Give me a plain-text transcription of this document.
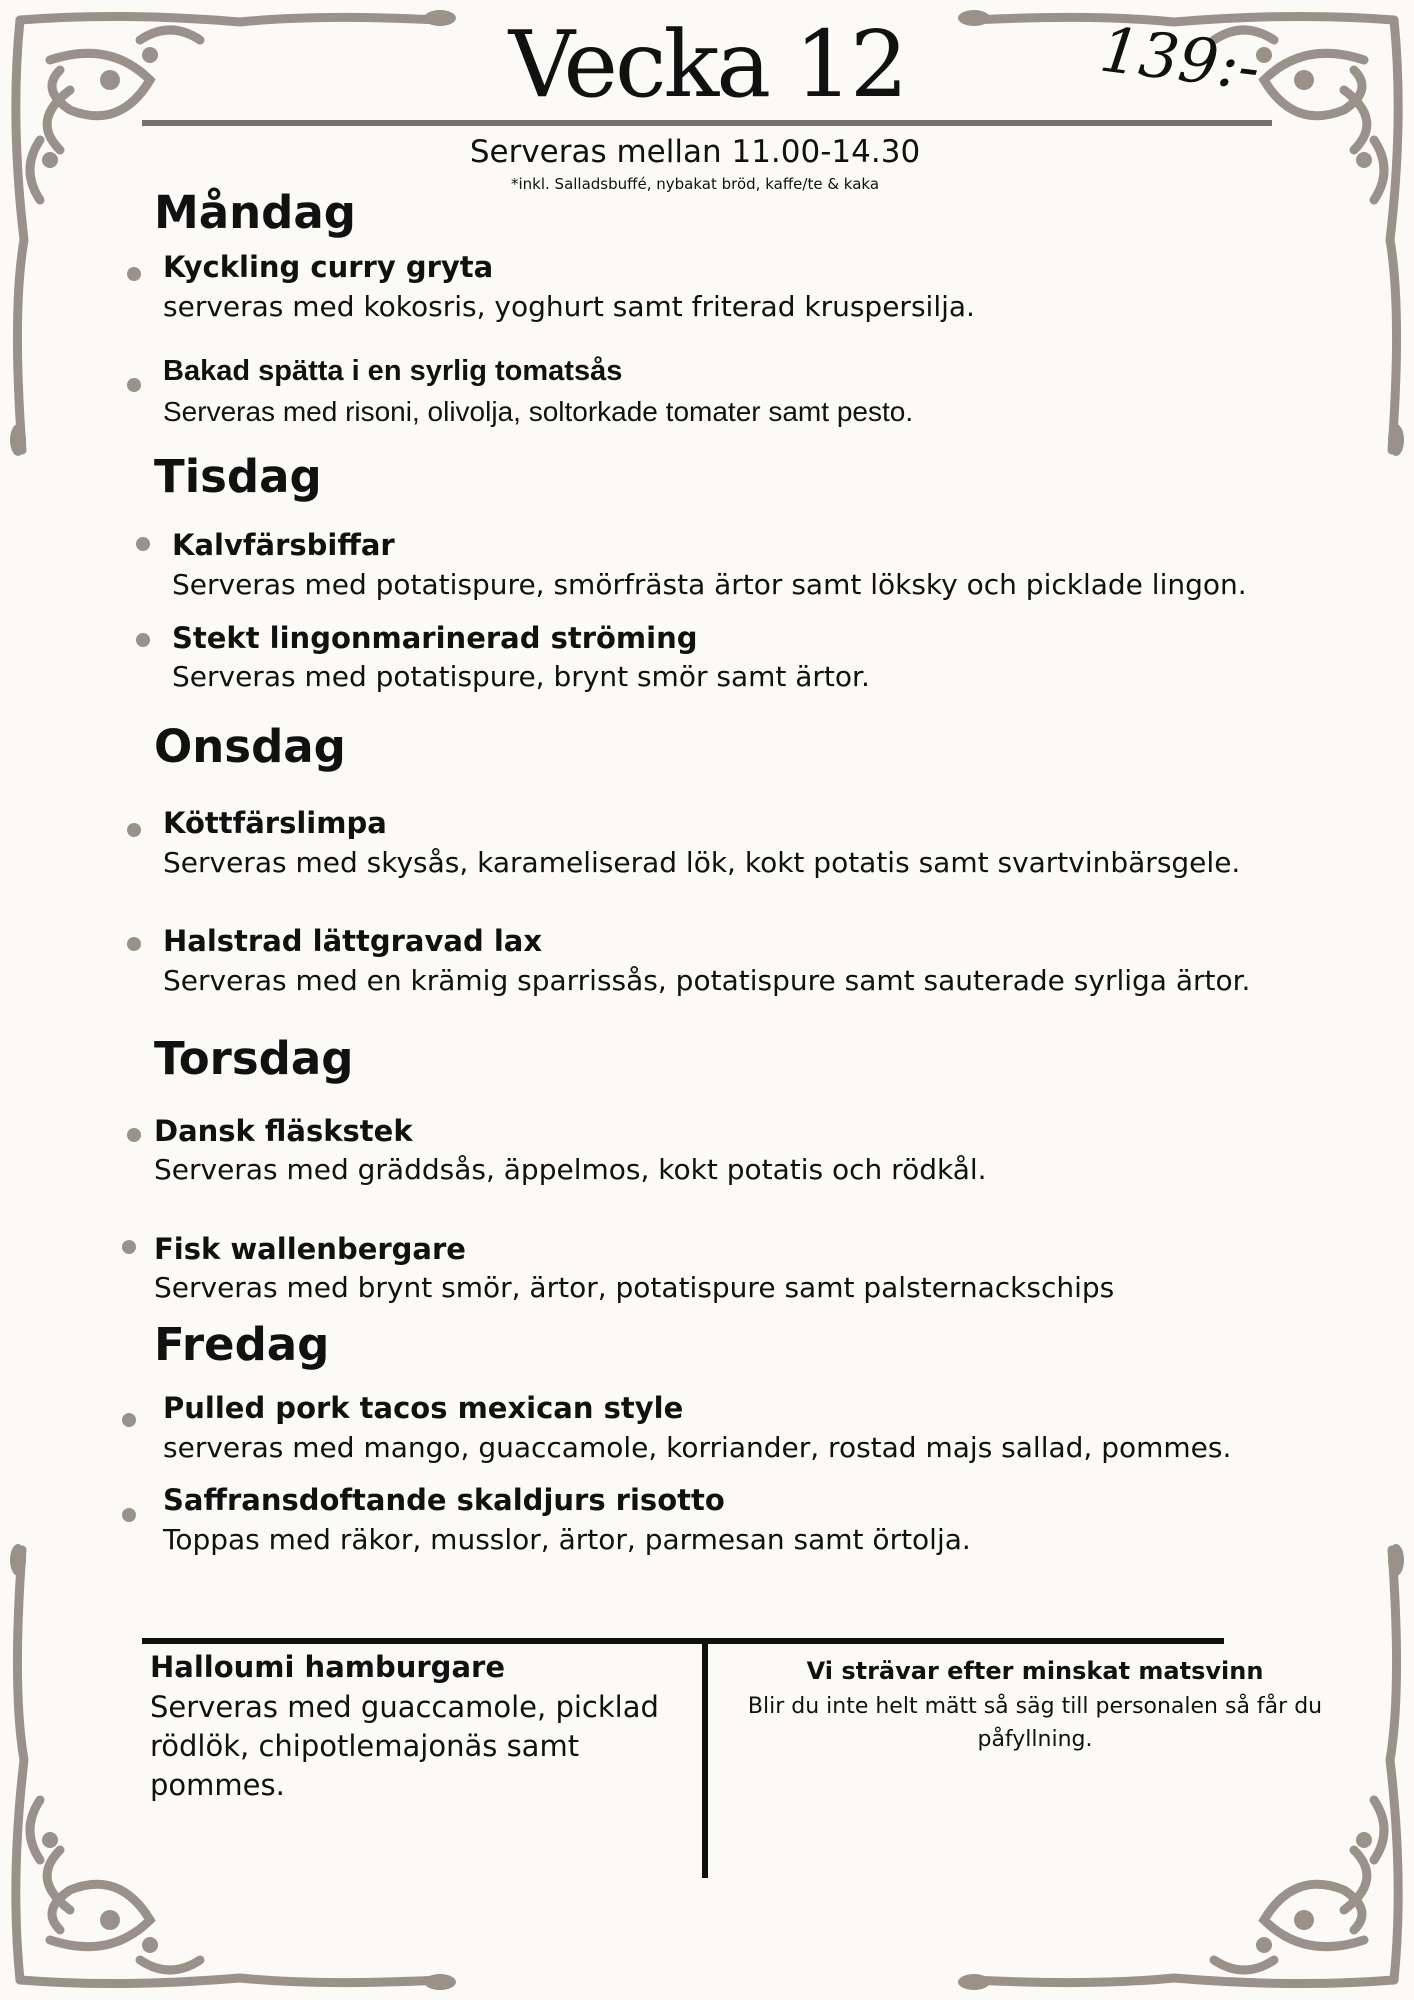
Vecka 12	139:-
Serveras mellan 11.00-14.30
*inkl. Salladsbuffé, nybakat bröd, kaffe/te & kaka
Måndag
Kyckling curry gryta
serveras med kokosris, yoghurt samt friterad kruspersilja.
Bakad spätta i en syrlig tomatsås
Serveras med risoni, olivolja, soltorkade tomater samt pesto.
Tisdag
Kalvfärsbiffar
Serveras med potatispure, smörfrästa ärtor samt löksky och picklade lingon.
Stekt lingonmarinerad ströming
Serveras med potatispure, brynt smör samt ärtor.
Onsdag
Köttfärslimpa
Serveras med skysås, karameliserad lök, kokt potatis samt svartvinbärsgele.
Halstrad lättgravad lax
Serveras med en krämig sparrissås, potatispure samt sauterade syrliga ärtor.
Torsdag
Dansk fläskstek
Serveras med gräddsås, äppelmos, kokt potatis och rödkål.
Fisk wallenbergare
Serveras med brynt smör, ärtor, potatispure samt palsternackschips
Fredag
Pulled pork tacos mexican style
serveras med mango, guaccamole, korriander, rostad majs sallad, pommes.
Saffransdoftande skaldjurs risotto
Toppas med räkor, musslor, ärtor, parmesan samt örtolja.
Halloumi hamburgare
Serveras med guaccamole, picklad rödlök, chipotlemajonäs samt pommes.
Vi strävar efter minskat matsvinn
Blir du inte helt mätt så säg till personalen så får du påfyllning.
